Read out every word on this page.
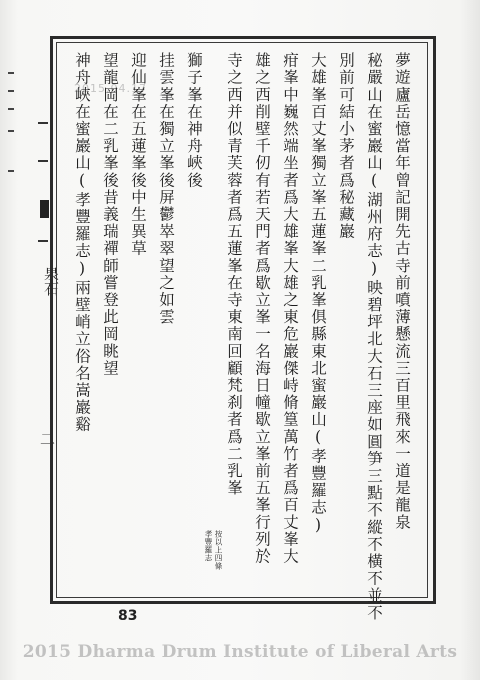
泉石
二
2015.04.17
⠀
夢遊廬岳憶當年曾記開先古寺前噴薄懸流三百里飛來一道是龍泉
秘嚴山在蜜巖山(湖州府志)映碧坪北大石三座如圓笋三點不縱不橫不並不
別前可結小茅者爲秘藏巖
大雄峯百丈峯獨立峯五蓮峯二乳峯俱縣東北蜜巖山(孝豐羅志)
疳峯中巍然端坐者爲大雄峯大雄之東危巖傑峙脩篁萬竹者爲百丈峯大
雄之西削壁千仞有若天門者爲歇立峯一名海日幢歇立峯前五峯行列於
寺之西并似青芙蓉者爲五蓮峯在寺東南回顧梵刹者爲二乳峯
按以上四條
孝豐羅志
獅子峯在神舟峽後
挂雲峯在獨立峯後屏鬱崒翠望之如雲
迎仙峯在五蓮峯後中生異草
望龍岡在二乳峯後昔義瑞禪師嘗登此岡眺望
神舟峽在蜜巖山(孝豐羅志)兩壁峭立俗名嵩巖谿
83
2015 Dharma Drum Institute of Liberal Arts
